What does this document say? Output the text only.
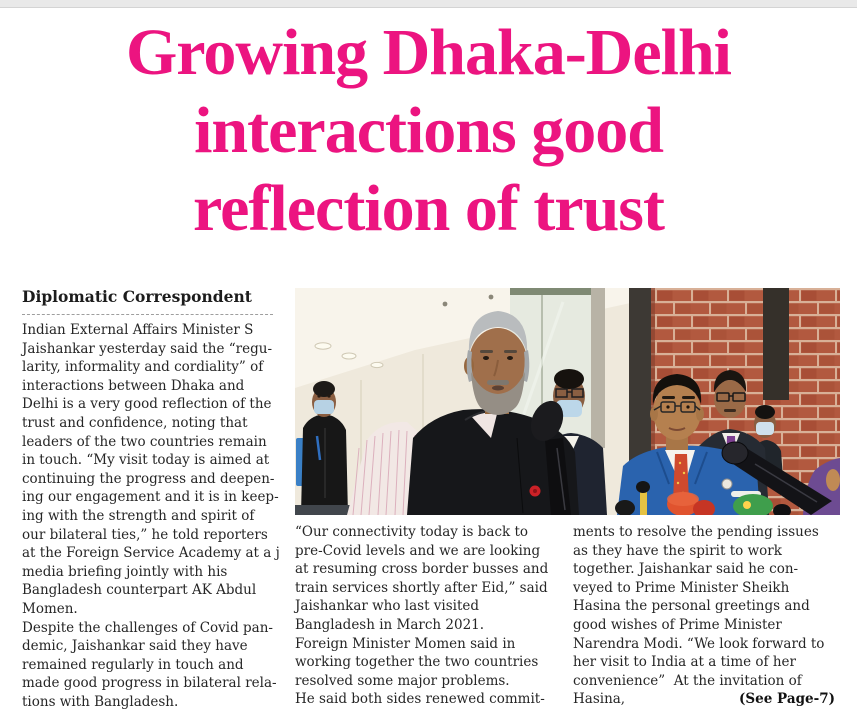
Growing Dhaka-Delhi
interactions good
reflection of trust
Diplomatic Correspondent
Indian External Affairs Minister S
Jaishankar yesterday said the “regu-
larity, informality and cordiality” of
interactions between Dhaka and
Delhi is a very good reflection of the
trust and confidence, noting that
leaders of the two countries remain
in touch. “My visit today is aimed at
continuing the progress and deepen-
ing our engagement and it is in keep-
ing with the strength and spirit of
our bilateral ties,” he told reporters
at the Foreign Service Academy at a j
media briefing jointly with his
Bangladesh counterpart AK Abdul
Momen.
Despite the challenges of Covid pan-
demic, Jaishankar said they have
remained regularly in touch and
made good progress in bilateral rela-
tions with Bangladesh.
“Our connectivity today is back to
pre-Covid levels and we are looking
at resuming cross border busses and
train services shortly after Eid,” said
Jaishankar who last visited
Bangladesh in March 2021.
Foreign Minister Momen said in
working together the two countries
resolved some major problems.
He said both sides renewed commit-
ments to resolve the pending issues
as they have the spirit to work
together. Jaishankar said he con-
veyed to Prime Minister Sheikh
Hasina the personal greetings and
good wishes of Prime Minister
Narendra Modi. “We look forward to
her visit to India at a time of her
convenience”  At the invitation of
Hasina,	(See Page-7)
